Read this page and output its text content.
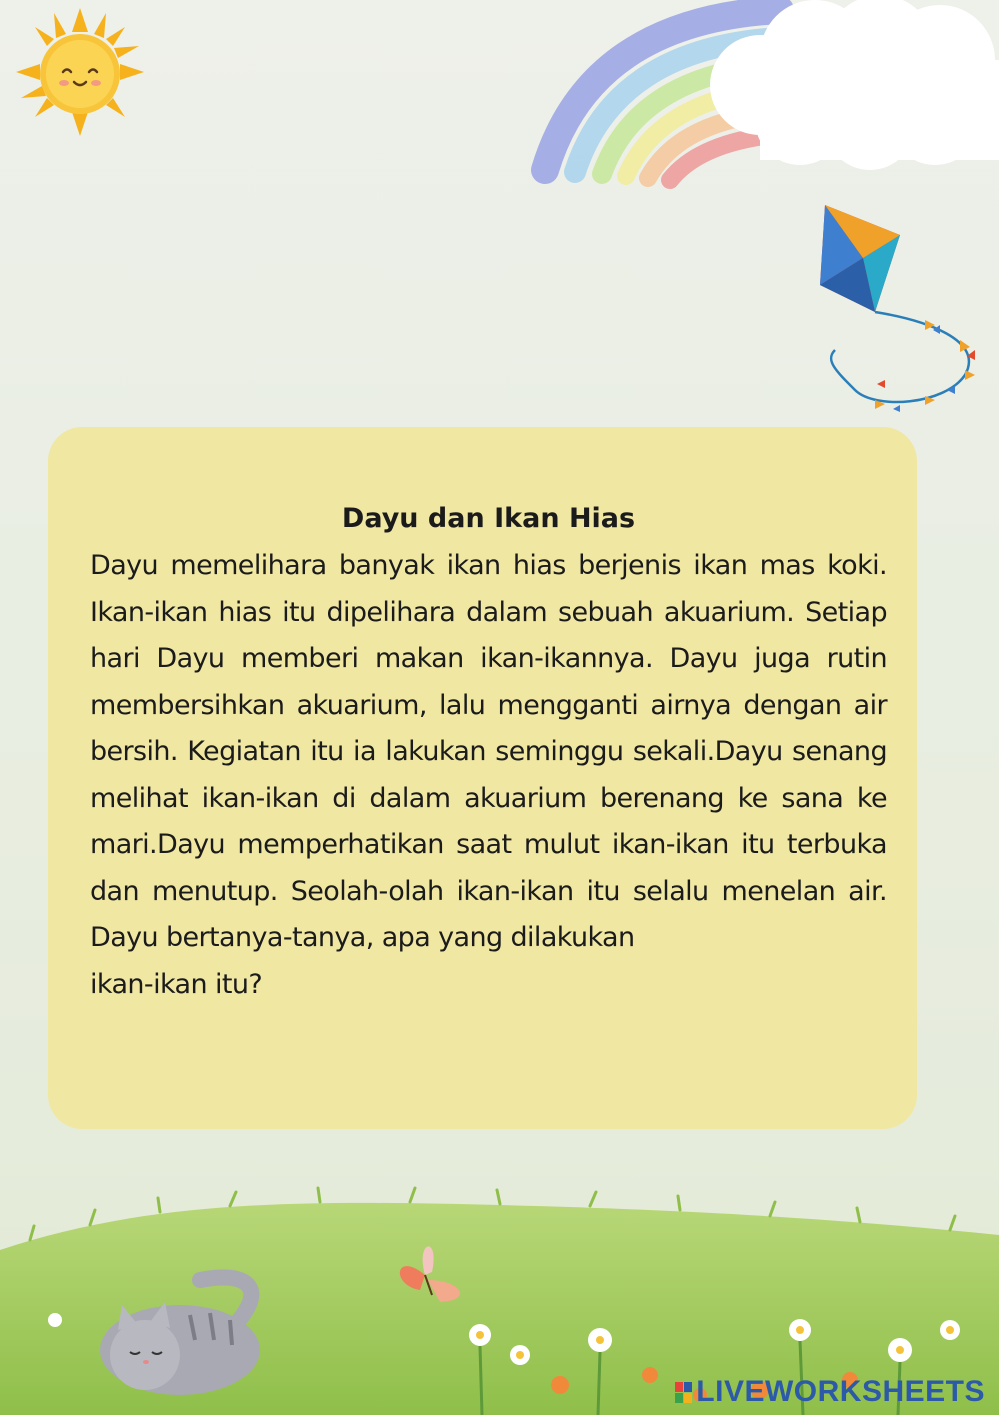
Dayu dan Ikan Hias

Dayu memelihara banyak ikan hias berjenis ikan mas koki. Ikan-ikan hias itu dipelihara dalam sebuah akuarium. Setiap hari Dayu memberi makan ikan-ikannya. Dayu juga rutin membersihkan akuarium, lalu mengganti airnya dengan air bersih. Kegiatan itu ia lakukan seminggu sekali.Dayu senang melihat ikan-ikan di dalam akuarium berenang ke sana ke mari.Dayu memperhatikan saat mulut ikan-ikan itu terbuka dan menutup. Seolah-olah ikan-ikan itu selalu menelan air. Dayu bertanya-tanya, apa yang dilakukan

ikan-ikan itu?

LIVEWORKSHEETS
